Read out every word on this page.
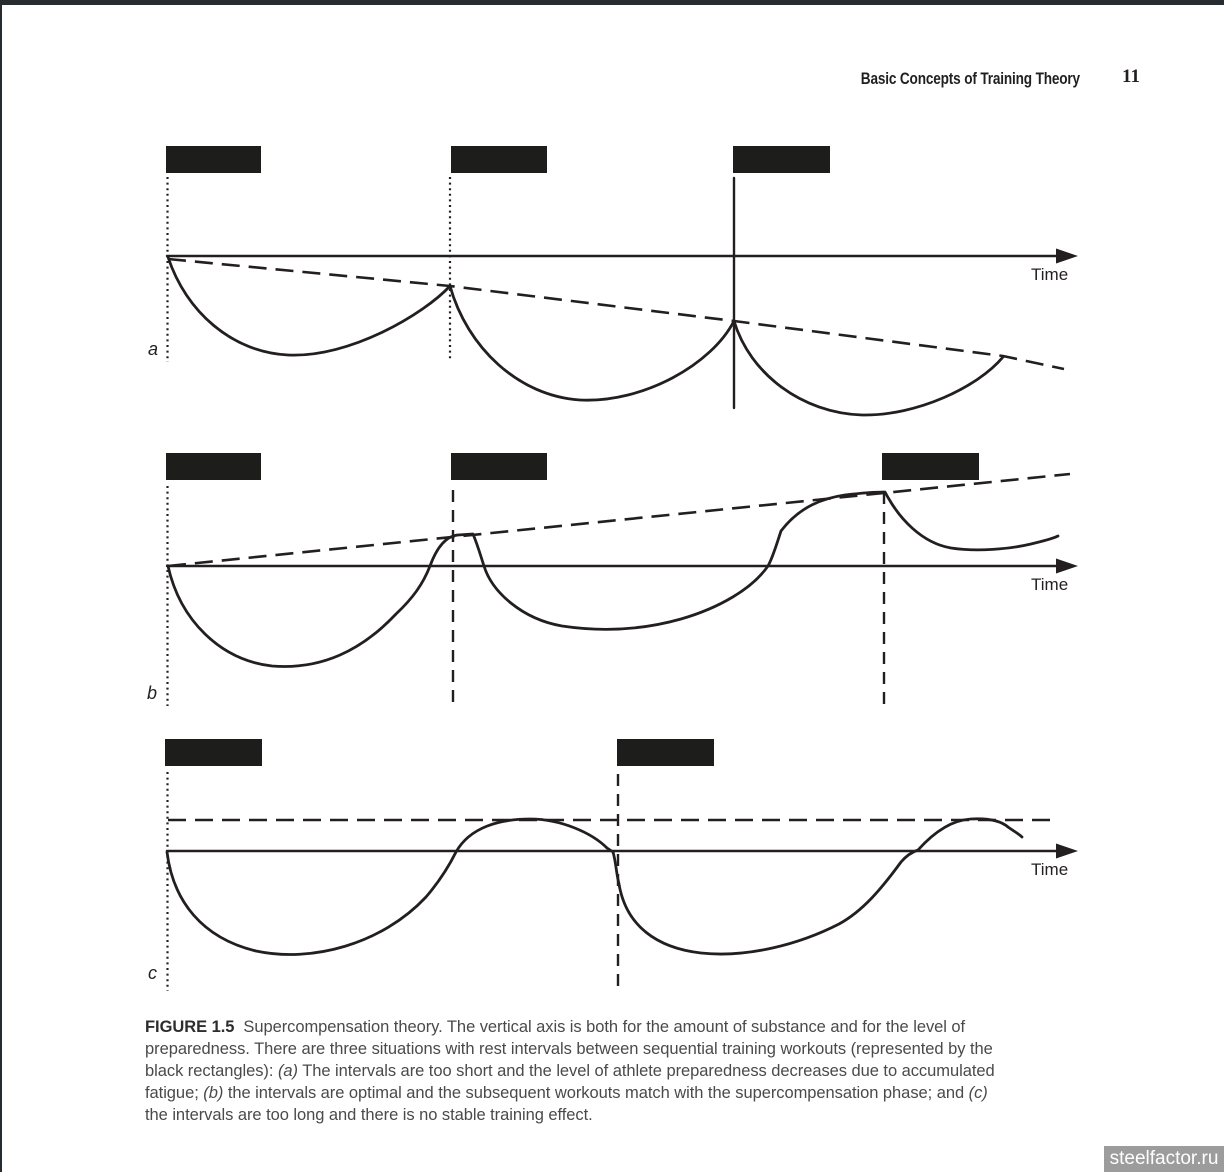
Basic Concepts of Training Theory 11
Time
Time
Time
a
b
c
FIGURE 1.5 Supercompensation theory. The vertical axis is both for the amount of substance and for the level of
preparedness. There are three situations with rest intervals between sequential training workouts (represented by the
black rectangles): (a) The intervals are too short and the level of athlete preparedness decreases due to accumulated
fatigue; (b) the intervals are optimal and the subsequent workouts match with the supercompensation phase; and (c)
the intervals are too long and there is no stable training effect.
steelfactor.ru
